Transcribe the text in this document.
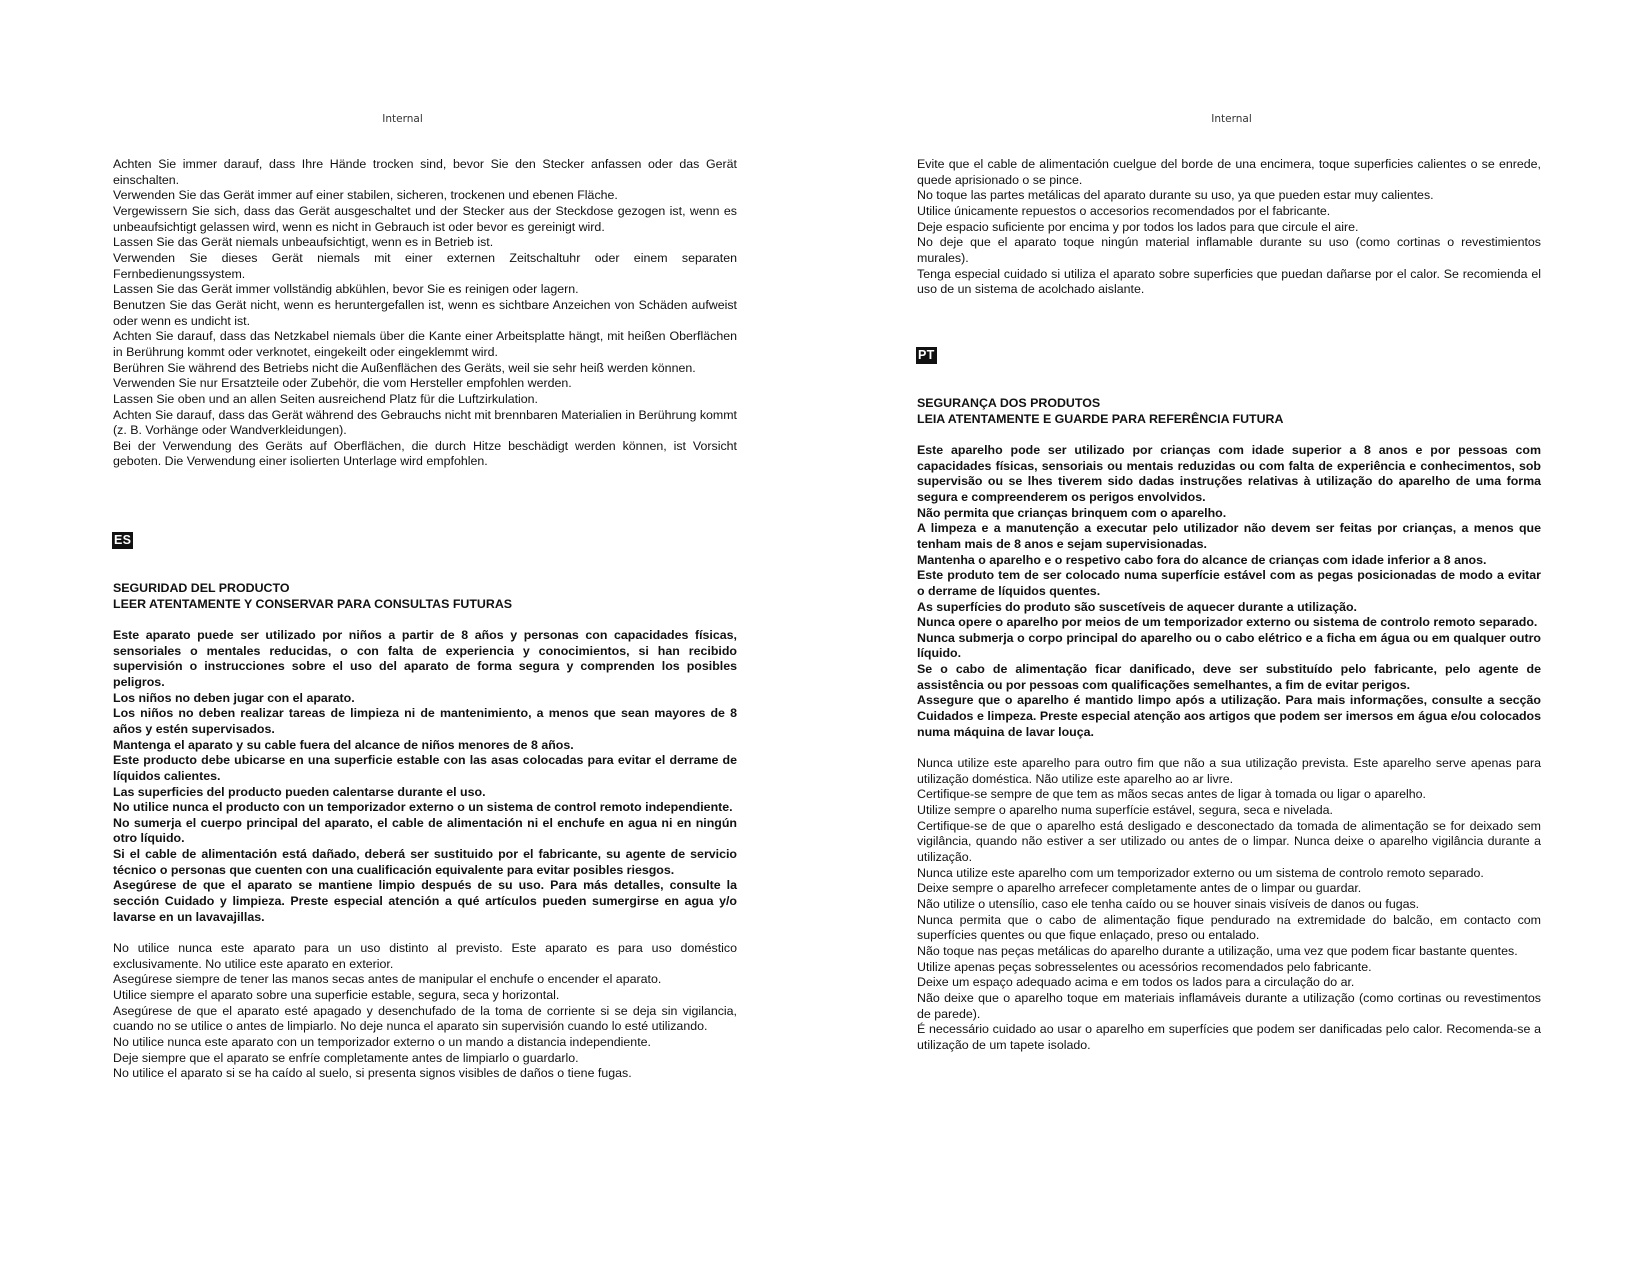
Internal

Achten Sie immer darauf, dass Ihre Hände trocken sind, bevor Sie den Stecker anfassen oder das Gerät einschalten.

Verwenden Sie das Gerät immer auf einer stabilen, sicheren, trockenen und ebenen Fläche.

Vergewissern Sie sich, dass das Gerät ausgeschaltet und der Stecker aus der Steckdose gezogen ist, wenn es unbeaufsichtigt gelassen wird, wenn es nicht in Gebrauch ist oder bevor es gereinigt wird.

Lassen Sie das Gerät niemals unbeaufsichtigt, wenn es in Betrieb ist.

Verwenden Sie dieses Gerät niemals mit einer externen Zeitschaltuhr oder einem separaten Fernbedienungssystem.

Lassen Sie das Gerät immer vollständig abkühlen, bevor Sie es reinigen oder lagern.

Benutzen Sie das Gerät nicht, wenn es heruntergefallen ist, wenn es sichtbare Anzeichen von Schäden aufweist oder wenn es undicht ist.

Achten Sie darauf, dass das Netzkabel niemals über die Kante einer Arbeitsplatte hängt, mit heißen Oberflächen in Berührung kommt oder verknotet, eingekeilt oder eingeklemmt wird.

Berühren Sie während des Betriebs nicht die Außenflächen des Geräts, weil sie sehr heiß werden können.

Verwenden Sie nur Ersatzteile oder Zubehör, die vom Hersteller empfohlen werden.

Lassen Sie oben und an allen Seiten ausreichend Platz für die Luftzirkulation.

Achten Sie darauf, dass das Gerät während des Gebrauchs nicht mit brennbaren Materialien in Berührung kommt (z. B. Vorhänge oder Wandverkleidungen).

Bei der Verwendung des Geräts auf Oberflächen, die durch Hitze beschädigt werden können, ist Vorsicht geboten. Die Verwendung einer isolierten Unterlage wird empfohlen.

ES

SEGURIDAD DEL PRODUCTO

LEER ATENTAMENTE Y CONSERVAR PARA CONSULTAS FUTURAS

Este aparato puede ser utilizado por niños a partir de 8 años y personas con capacidades físicas, sensoriales o mentales reducidas, o con falta de experiencia y conocimientos, si han recibido supervisión o instrucciones sobre el uso del aparato de forma segura y comprenden los posibles peligros.

Los niños no deben jugar con el aparato.

Los niños no deben realizar tareas de limpieza ni de mantenimiento, a menos que sean mayores de 8 años y estén supervisados.

Mantenga el aparato y su cable fuera del alcance de niños menores de 8 años.

Este producto debe ubicarse en una superficie estable con las asas colocadas para evitar el derrame de líquidos calientes.

Las superficies del producto pueden calentarse durante el uso.

No utilice nunca el producto con un temporizador externo o un sistema de control remoto independiente.

No sumerja el cuerpo principal del aparato, el cable de alimentación ni el enchufe en agua ni en ningún otro líquido.

Si el cable de alimentación está dañado, deberá ser sustituido por el fabricante, su agente de servicio técnico o personas que cuenten con una cualificación equivalente para evitar posibles riesgos.

Asegúrese de que el aparato se mantiene limpio después de su uso. Para más detalles, consulte la sección Cuidado y limpieza. Preste especial atención a qué artículos pueden sumergirse en agua y/o lavarse en un lavavajillas.

No utilice nunca este aparato para un uso distinto al previsto. Este aparato es para uso doméstico exclusivamente. No utilice este aparato en exterior.

Asegúrese siempre de tener las manos secas antes de manipular el enchufe o encender el aparato.

Utilice siempre el aparato sobre una superficie estable, segura, seca y horizontal.

Asegúrese de que el aparato esté apagado y desenchufado de la toma de corriente si se deja sin vigilancia, cuando no se utilice o antes de limpiarlo. No deje nunca el aparato sin supervisión cuando lo esté utilizando.

No utilice nunca este aparato con un temporizador externo o un mando a distancia independiente.

Deje siempre que el aparato se enfríe completamente antes de limpiarlo o guardarlo.

No utilice el aparato si se ha caído al suelo, si presenta signos visibles de daños o tiene fugas.

Internal

Evite que el cable de alimentación cuelgue del borde de una encimera, toque superficies calientes o se enrede, quede aprisionado o se pince.

No toque las partes metálicas del aparato durante su uso, ya que pueden estar muy calientes.

Utilice únicamente repuestos o accesorios recomendados por el fabricante.

Deje espacio suficiente por encima y por todos los lados para que circule el aire.

No deje que el aparato toque ningún material inflamable durante su uso (como cortinas o revestimientos murales).

Tenga especial cuidado si utiliza el aparato sobre superficies que puedan dañarse por el calor. Se recomienda el uso de un sistema de acolchado aislante.

PT

SEGURANÇA DOS PRODUTOS

LEIA ATENTAMENTE E GUARDE PARA REFERÊNCIA FUTURA

Este aparelho pode ser utilizado por crianças com idade superior a 8 anos e por pessoas com capacidades físicas, sensoriais ou mentais reduzidas ou com falta de experiência e conhecimentos, sob supervisão ou se lhes tiverem sido dadas instruções relativas à utilização do aparelho de uma forma segura e compreenderem os perigos envolvidos.

Não permita que crianças brinquem com o aparelho.

A limpeza e a manutenção a executar pelo utilizador não devem ser feitas por crianças, a menos que tenham mais de 8 anos e sejam supervisionadas.

Mantenha o aparelho e o respetivo cabo fora do alcance de crianças com idade inferior a 8 anos.

Este produto tem de ser colocado numa superfície estável com as pegas posicionadas de modo a evitar o derrame de líquidos quentes.

As superfícies do produto são suscetíveis de aquecer durante a utilização.

Nunca opere o aparelho por meios de um temporizador externo ou sistema de controlo remoto separado.

Nunca submerja o corpo principal do aparelho ou o cabo elétrico e a ficha em água ou em qualquer outro líquido.

Se o cabo de alimentação ficar danificado, deve ser substituído pelo fabricante, pelo agente de assistência ou por pessoas com qualificações semelhantes, a fim de evitar perigos.

Assegure que o aparelho é mantido limpo após a utilização. Para mais informações, consulte a secção Cuidados e limpeza. Preste especial atenção aos artigos que podem ser imersos em água e/ou colocados numa máquina de lavar louça.

Nunca utilize este aparelho para outro fim que não a sua utilização prevista. Este aparelho serve apenas para utilização doméstica. Não utilize este aparelho ao ar livre.

Certifique-se sempre de que tem as mãos secas antes de ligar à tomada ou ligar o aparelho.

Utilize sempre o aparelho numa superfície estável, segura, seca e nivelada.

Certifique-se de que o aparelho está desligado e desconectado da tomada de alimentação se for deixado sem vigilância, quando não estiver a ser utilizado ou antes de o limpar. Nunca deixe o aparelho vigilância durante a utilização.

Nunca utilize este aparelho com um temporizador externo ou um sistema de controlo remoto separado.

Deixe sempre o aparelho arrefecer completamente antes de o limpar ou guardar.

Não utilize o utensílio, caso ele tenha caído ou se houver sinais visíveis de danos ou fugas.

Nunca permita que o cabo de alimentação fique pendurado na extremidade do balcão, em contacto com superfícies quentes ou que fique enlaçado, preso ou entalado.

Não toque nas peças metálicas do aparelho durante a utilização, uma vez que podem ficar bastante quentes.

Utilize apenas peças sobresselentes ou acessórios recomendados pelo fabricante.

Deixe um espaço adequado acima e em todos os lados para a circulação do ar.

Não deixe que o aparelho toque em materiais inflamáveis durante a utilização (como cortinas ou revestimentos de parede).

É necessário cuidado ao usar o aparelho em superfícies que podem ser danificadas pelo calor. Recomenda-se a utilização de um tapete isolado.
